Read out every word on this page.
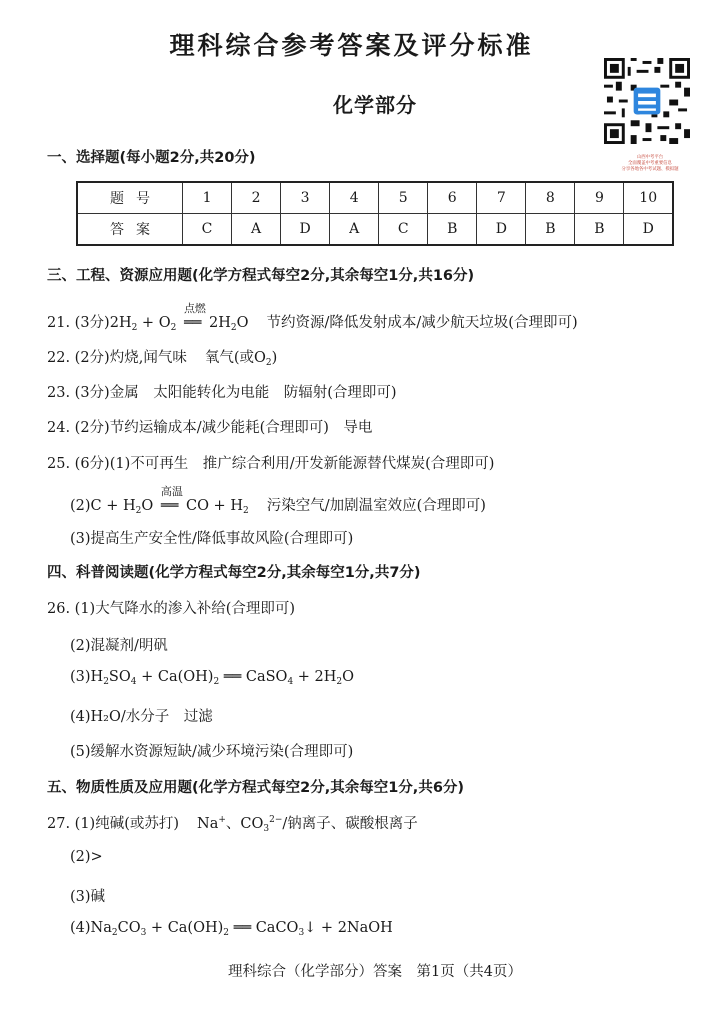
理科综合参考答案及评分标准
化学部分
山西中考平台
全面覆盖中考重要信息
分享各地各中考试题、模拟题
一、选择题(每小题2分,共20分)
题号	1	2	3	4	5	6	7	8	9	10
答案	C	A	D	A	C	B	D	B	B	D
三、工程、资源应用题(化学方程式每空2分,其余每空1分,共16分)
21. (3分)$2H_2 + O_2$
点燃
══ $2H_2O$ 节约资源/降低发射成本/减少航天垃圾(合理即可)
22. (2分)灼烧,闻气味 氧气(或$O_2$)
23. (3分)金属　太阳能转化为电能　防辐射(合理即可)
24. (2分)节约运输成本/减少能耗(合理即可)　导电
25. (6分)(1)不可再生　推广综合利用/开发新能源替代煤炭(合理即可)
$(2)C + H_2O$
高温
══ CO + $H_2$ 污染空气/加剧温室效应(合理即可)
(3)提高生产安全性/降低事故风险(合理即可)
四、科普阅读题(化学方程式每空2分,其余每空1分,共7分)
26. (1)大气降水的渗入补给(合理即可)
(2)混凝剂/明矾
$(3)H_2SO_4 + Ca(OH)_2$ ══ CaSO$_4$ + $2H_2O$
(4)H₂O/水分子　过滤
(5)缓解水资源短缺/减少环境污染(合理即可)
五、物质性质及应用题(化学方程式每空2分,其余每空1分,共6分)
27. (1)纯碱(或苏打) Na+、$CO_3^{2-}/$钠离子、碳酸根离子
(2)>
(3)碱
$(4)Na_2CO_3 + Ca(OH)_2$ ══ CaCO$_3$↓ + 2NaOH
理科综合（化学部分）答案　第1页（共4页）
